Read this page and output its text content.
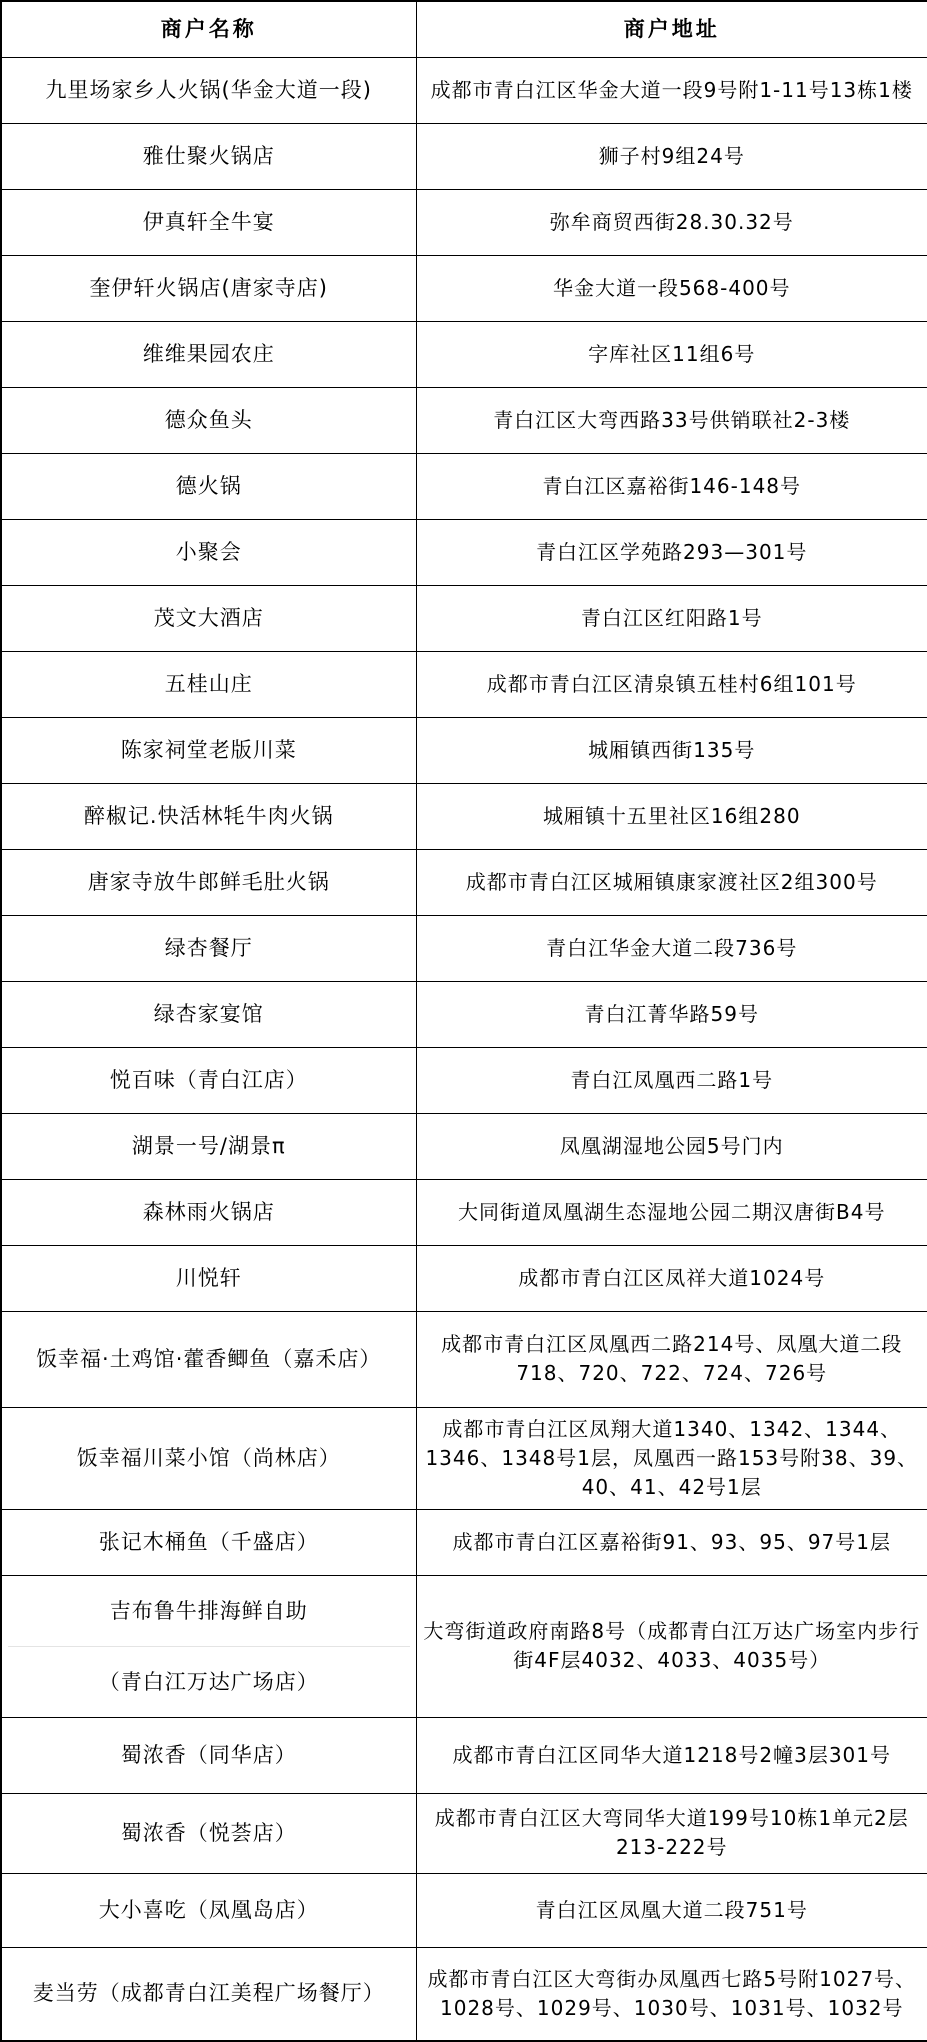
商户名称	商户地址
九里场家乡人火锅(华金大道一段)	成都市青白江区华金大道一段9号附1-11号13栋1楼
雅仕聚火锅店	狮子村9组24号
伊真轩全牛宴	弥牟商贸西街28.30.32号
奎伊轩火锅店(唐家寺店)	华金大道一段568-400号
维维果园农庄	字库社区11组6号
德众鱼头	青白江区大弯西路33号供销联社2-3楼
德火锅	青白江区嘉裕街146-148号
小聚会	青白江区学苑路293—301号
茂文大酒店	青白江区红阳路1号
五桂山庄	成都市青白江区清泉镇五桂村6组101号
陈家祠堂老版川菜	城厢镇西街135号
醉椒记.快活林牦牛肉火锅	城厢镇十五里社区16组280
唐家寺放牛郎鲜毛肚火锅	成都市青白江区城厢镇康家渡社区2组300号
绿杏餐厅	青白江华金大道二段736号
绿杏家宴馆	青白江菁华路59号
悦百味（青白江店）	青白江凤凰西二路1号
湖景一号/湖景π	凤凰湖湿地公园5号门内
森林雨火锅店	大同街道凤凰湖生态湿地公园二期汉唐街B4号
川悦轩	成都市青白江区凤祥大道1024号
饭幸福·土鸡馆·藿香鲫鱼（嘉禾店）	成都市青白江区凤凰西二路214号、凤凰大道二段718、720、722、724、726号
饭幸福川菜小馆（尚林店）	成都市青白江区凤翔大道1340、1342、1344、1346、1348号1层，凤凰西一路153号附38、39、40、41、42号1层
张记木桶鱼（千盛店）	成都市青白江区嘉裕街91、93、95、97号1层

吉布鲁牛排海鲜自助
（青白江万达广场店）	大弯街道政府南路8号（成都青白江万达广场室内步行街4F层4032、4033、4035号）
蜀浓香（同华店）	成都市青白江区同华大道1218号2幢3层301号
蜀浓香（悦荟店）	成都市青白江区大弯同华大道199号10栋1单元2层213-222号
大小喜吃（凤凰岛店）	青白江区凤凰大道二段751号
麦当劳（成都青白江美程广场餐厅）	成都市青白江区大弯街办凤凰西七路5号附1027号、1028号、1029号、1030号、1031号、1032号
